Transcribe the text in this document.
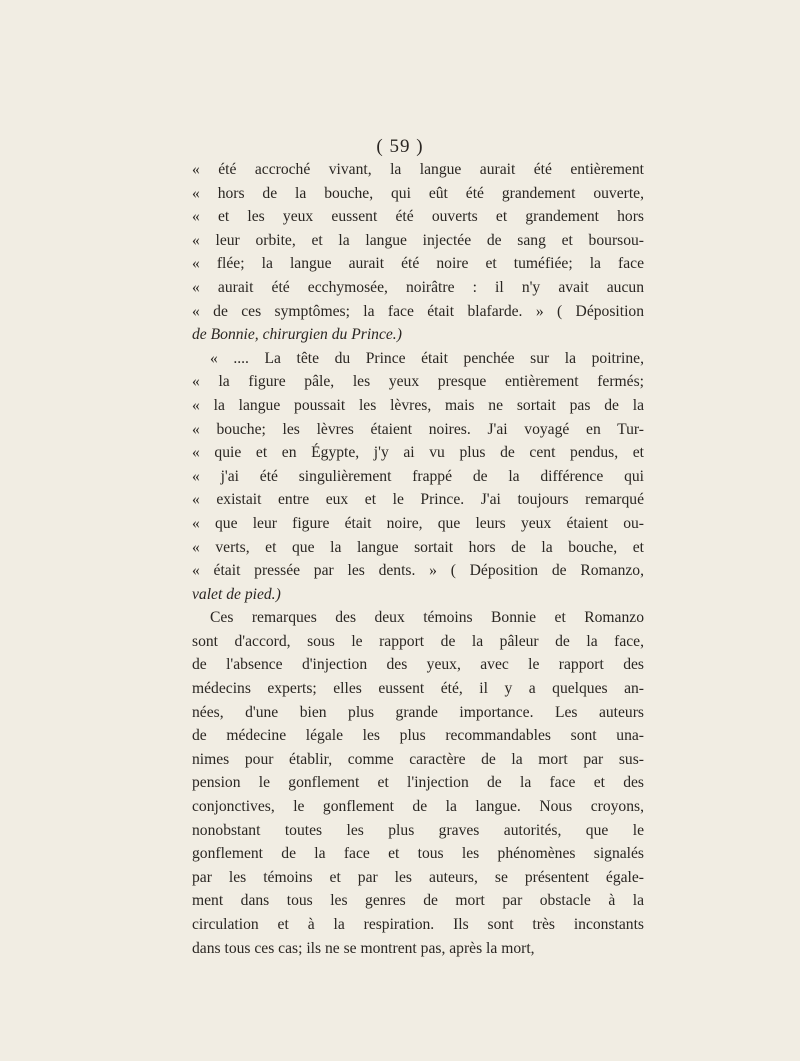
( 59 )
« été accroché vivant, la langue aurait été entièrement
« hors de la bouche, qui eût été grandement ouverte,
« et les yeux eussent été ouverts et grandement hors
« leur orbite, et la langue injectée de sang et boursou-
« flée; la langue aurait été noire et tuméfiée; la face
« aurait été ecchymosée, noirâtre : il n'y avait aucun
« de ces symptômes; la face était blafarde. » ( Déposition
de Bonnie, chirurgien du Prince.)
« .... La tête du Prince était penchée sur la poitrine,
« la figure pâle, les yeux presque entièrement fermés;
« la langue poussait les lèvres, mais ne sortait pas de la
« bouche; les lèvres étaient noires. J'ai voyagé en Tur-
« quie et en Égypte, j'y ai vu plus de cent pendus, et
« j'ai été singulièrement frappé de la différence qui
« existait entre eux et le Prince. J'ai toujours remarqué
« que leur figure était noire, que leurs yeux étaient ou-
« verts, et que la langue sortait hors de la bouche, et
« était pressée par les dents. » ( Déposition de Romanzo,
valet de pied.)
Ces remarques des deux témoins Bonnie et Romanzo
sont d'accord, sous le rapport de la pâleur de la face,
de l'absence d'injection des yeux, avec le rapport des
médecins experts; elles eussent été, il y a quelques an-
nées, d'une bien plus grande importance. Les auteurs
de médecine légale les plus recommandables sont una-
nimes pour établir, comme caractère de la mort par sus-
pension le gonflement et l'injection de la face et des
conjonctives, le gonflement de la langue. Nous croyons,
nonobstant toutes les plus graves autorités, que le
gonflement de la face et tous les phénomènes signalés
par les témoins et par les auteurs, se présentent égale-
ment dans tous les genres de mort par obstacle à la
circulation et à la respiration. Ils sont très inconstants
dans tous ces cas; ils ne se montrent pas, après la mort,
